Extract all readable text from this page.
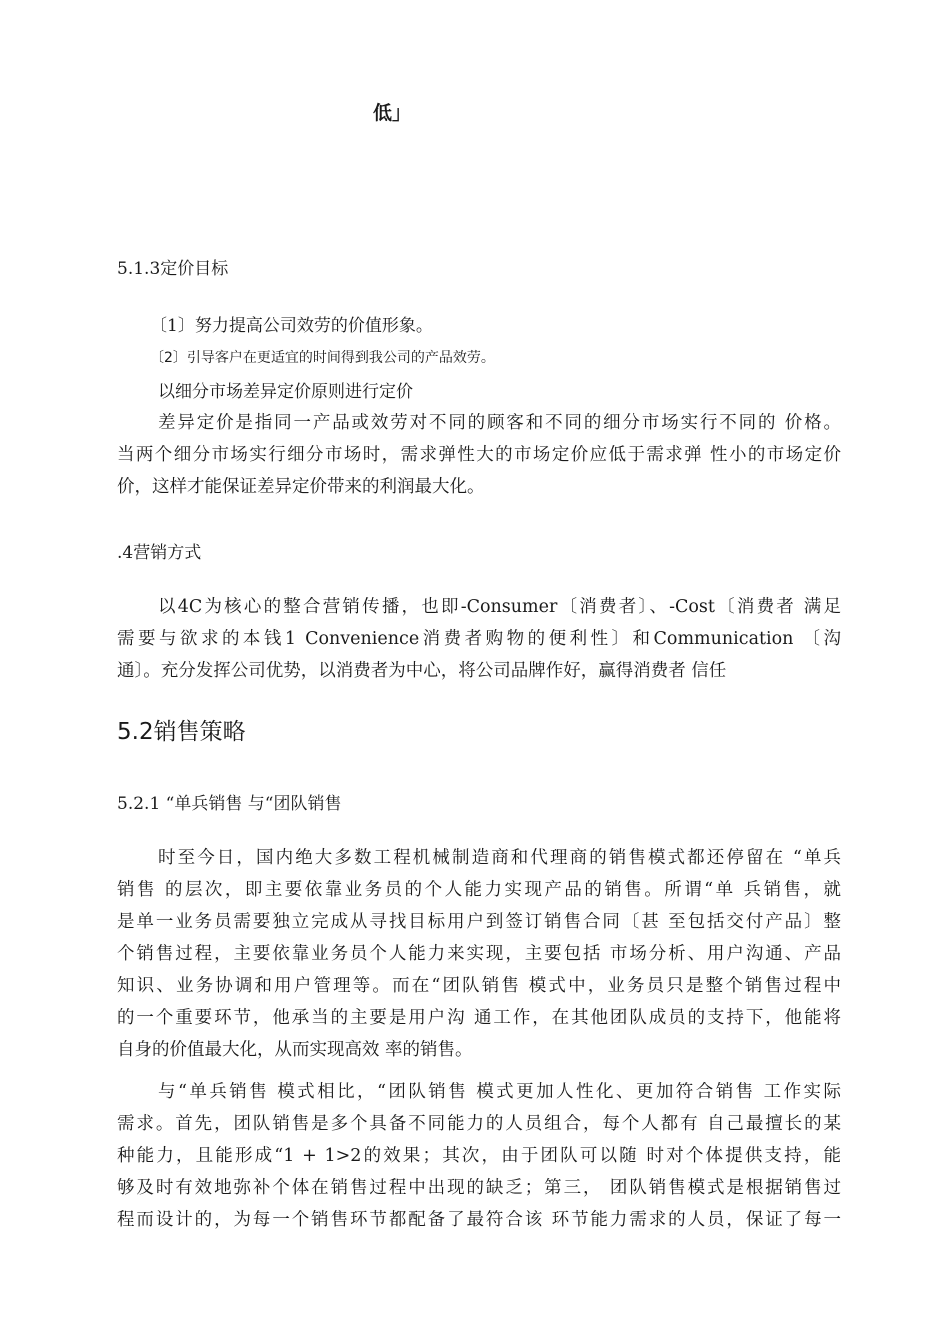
低」
5.1.3定价目标
〔1〕努力提高公司效劳的价值形象。
〔2〕引导客户在更适宜的时间得到我公司的产品效劳。
以细分市场差异定价原则进行定价
差异定价是指同一产品或效劳对不同的顾客和不同的细分市场实行不同的 价格。
当两个细分市场实行细分市场时，需求弹性大的市场定价应低于需求弹 性小的市场定价
价，这样才能保证差异定价带来的利润最大化。
.4营销方式
以4C为核心的整合营销传播，也即-Consumer〔消费者〕、-Cost〔消费者 满足
需要与欲求的本钱1 Convenience消费者购物的便利性〕和Communication 〔沟
通〕。充分发挥公司优势，以消费者为中心，将公司品牌作好，赢得消费者 信任
5.2销售策略
5.2.1 “单兵销售 与“团队销售
时至今日，国内绝大多数工程机械制造商和代理商的销售模式都还停留在 “单兵
销售 的层次，即主要依靠业务员的个人能力实现产品的销售。所谓“单 兵销售，就
是单一业务员需要独立完成从寻找目标用户到签订销售合同〔甚 至包括交付产品〕整
个销售过程，主要依靠业务员个人能力来实现，主要包括 市场分析、用户沟通、产品
知识、业务协调和用户管理等。而在“团队销售 模式中，业务员只是整个销售过程中
的一个重要环节，他承当的主要是用户沟 通工作，在其他团队成员的支持下，他能将
自身的价值最大化，从而实现高效 率的销售。
与“单兵销售 模式相比，“团队销售 模式更加人性化、更加符合销售 工作实际
需求。首先，团队销售是多个具备不同能力的人员组合，每个人都有 自己最擅长的某
种能力，且能形成“1 + 1>2的效果；其次，由于团队可以随 时对个体提供支持，能
够及时有效地弥补个体在销售过程中出现的缺乏；第三， 团队销售模式是根据销售过
程而设计的，为每一个销售环节都配备了最符合该 环节能力需求的人员，保证了每一
